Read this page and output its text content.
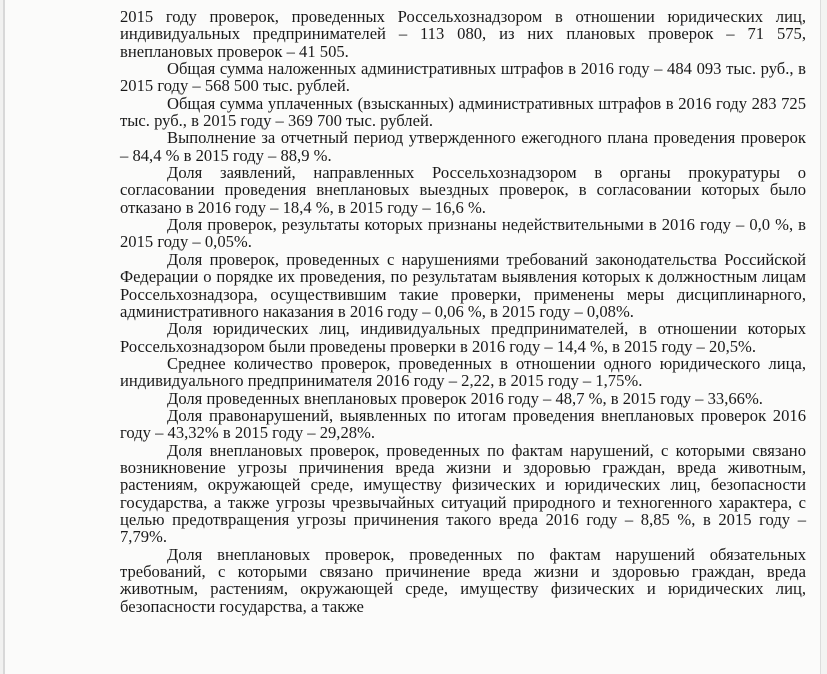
2015 году проверок, проведенных Россельхознадзором в отношении юридических лиц, индивидуальных предпринимателей – 113 080, из них плановых проверок – 71 575, внеплановых проверок – 41 505.

Общая сумма наложенных административных штрафов в 2016 году – 484 093 тыс. руб., в 2015 году – 568 500 тыс. рублей.

Общая сумма уплаченных (взысканных) административных штрафов в 2016 году 283 725 тыс. руб., в 2015 году – 369 700 тыс. рублей.

Выполнение за отчетный период утвержденного ежегодного плана проведения проверок – 84,4 % в 2015 году – 88,9 %.

Доля заявлений, направленных Россельхознадзором в органы прокуратуры о согласовании проведения внеплановых выездных проверок, в согласовании которых было отказано в 2016 году – 18,4 %, в 2015 году – 16,6 %.

Доля проверок, результаты которых признаны недействительными в 2016 году – 0,0 %, в 2015 году – 0,05%.

Доля проверок, проведенных с нарушениями требований законодательства Российской Федерации о порядке их проведения, по результатам выявления которых к должностным лицам Россельхознадзора, осуществившим такие проверки, применены меры дисциплинарного, административного наказания в 2016 году – 0,06 %, в 2015 году – 0,08%.

Доля юридических лиц, индивидуальных предпринимателей, в отношении которых Россельхознадзором были проведены проверки в 2016 году – 14,4 %, в 2015 году – 20,5%.

Среднее количество проверок, проведенных в отношении одного юридического лица, индивидуального предпринимателя 2016 году – 2,22, в 2015 году – 1,75%.

Доля проведенных внеплановых проверок 2016 году – 48,7 %, в 2015 году – 33,66%.

Доля правонарушений, выявленных по итогам проведения внеплановых проверок 2016 году – 43,32% в 2015 году – 29,28%.

Доля внеплановых проверок, проведенных по фактам нарушений, с которыми связано возникновение угрозы причинения вреда жизни и здоровью граждан, вреда животным, растениям, окружающей среде, имуществу физических и юридических лиц, безопасности государства, а также угрозы чрезвычайных ситуаций природного и техногенного характера, с целью предотвращения угрозы причинения такого вреда 2016 году – 8,85 %, в 2015 году – 7,79%.

Доля внеплановых проверок, проведенных по фактам нарушений обязательных требований, с которыми связано причинение вреда жизни и здоровью граждан, вреда животным, растениям, окружающей среде, имуществу физических и юридических лиц, безопасности государства, а также
